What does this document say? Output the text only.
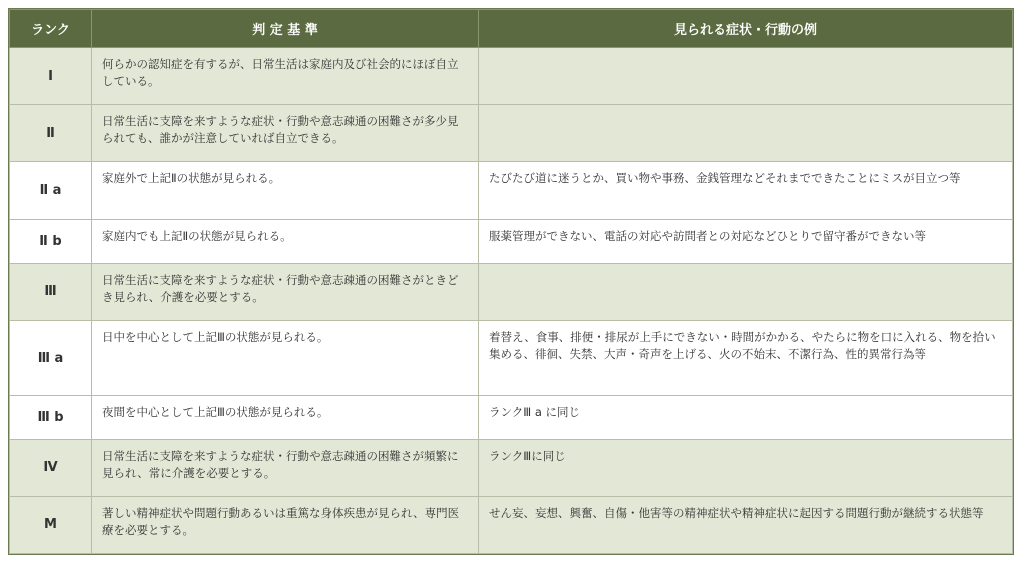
ランク	判 定 基 準	見られる症状・行動の例
Ⅰ	何らかの認知症を有するが、日常生活は家庭内及び社会的にほぼ自立している。	
Ⅱ	日常生活に支障を来すような症状・行動や意志疎通の困難さが多少見られても、誰かが注意していれば自立できる。	
Ⅱ a	家庭外で上記Ⅱの状態が見られる。	たびたび道に迷うとか、買い物や事務、金銭管理などそれまでできたことにミスが目立つ等
Ⅱ b	家庭内でも上記Ⅱの状態が見られる。	服薬管理ができない、電話の対応や訪問者との対応などひとりで留守番ができない等
Ⅲ	日常生活に支障を来すような症状・行動や意志疎通の困難さがときどき見られ、介護を必要とする。	
Ⅲ a	日中を中心として上記Ⅲの状態が見られる。	着替え、食事、排便・排尿が上手にできない・時間がかかる、やたらに物を口に入れる、物を拾い集める、徘徊、失禁、大声・奇声を上げる、火の不始末、不潔行為、性的異常行為等
Ⅲ b	夜間を中心として上記Ⅲの状態が見られる。	ランクⅢ a に同じ
Ⅳ	日常生活に支障を来すような症状・行動や意志疎通の困難さが頻繁に見られ、常に介護を必要とする。	ランクⅢに同じ
M	著しい精神症状や問題行動あるいは重篤な身体疾患が見られ、専門医療を必要とする。	せん妄、妄想、興奮、自傷・他害等の精神症状や精神症状に起因する問題行動が継続する状態等
